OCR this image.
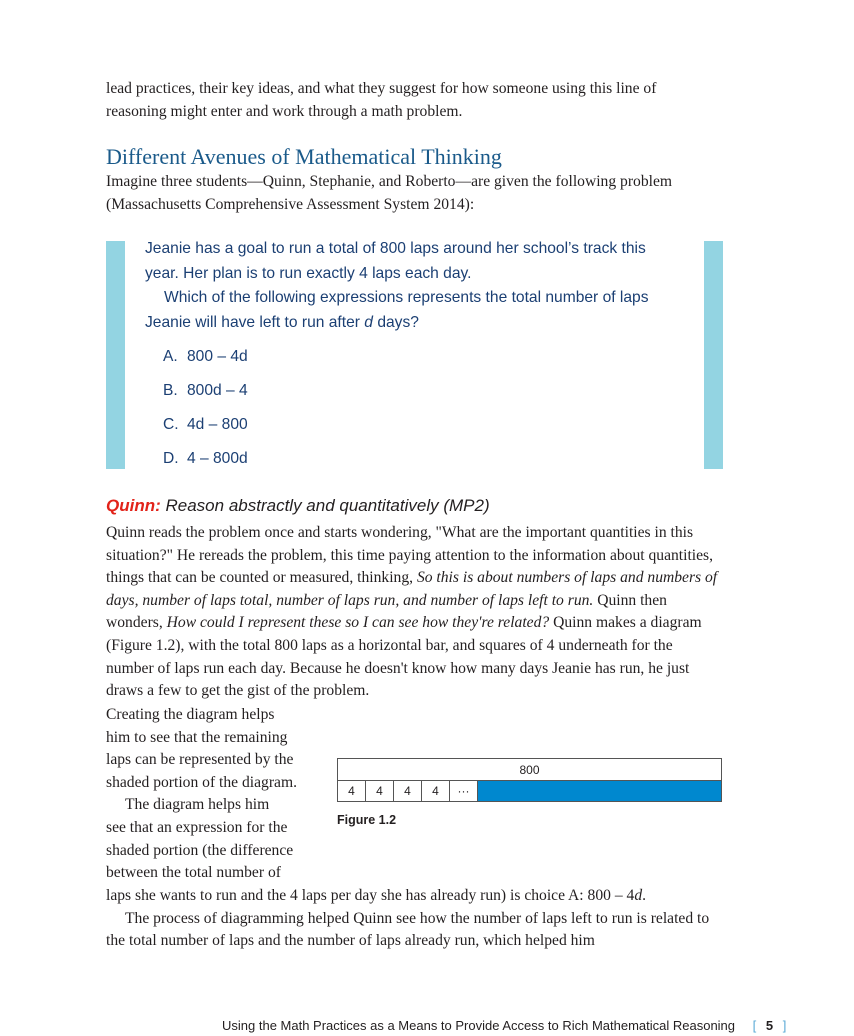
lead practices, their key ideas, and what they suggest for how someone using this line of reasoning might enter and work through a math problem.
Different Avenues of Mathematical Thinking
Imagine three students—Quinn, Stephanie, and Roberto—are given the following problem (Massachusetts Comprehensive Assessment System 2014):

Jeanie has a goal to run a total of 800 laps around her school’s track this year. Her plan is to run exactly 4 laps each day.

Which of the following expressions represents the total number of laps Jeanie will have left to run after d days?

A. 800 – 4d
B. 800d – 4
C. 4d – 800
D. 4 – 800d
Quinn: Reason abstractly and quantitatively (MP2)
Quinn reads the problem once and starts wondering, "What are the important quantities in this situation?" He rereads the problem, this time paying attention to the information about quantities, things that can be counted or measured, thinking, So this is about numbers of laps and numbers of days, number of laps total, number of laps run, and number of laps left to run. Quinn then wonders, How could I represent these so I can see how they're related? Quinn makes a diagram (Figure 1.2), with the total 800 laps as a horizontal bar, and squares of 4 underneath for the number of laps run each day. Because he doesn't know how many days Jeanie has run, he just draws a few to get the gist of the problem.

Creating the diagram helps

him to see that the remaining

laps can be represented by the

shaded portion of the diagram.

The diagram helps him

see that an expression for the

shaded portion (the difference

between the total number of

laps she wants to run and the 4 laps per day she has already run) is choice A: 800 – 4d.

The process of diagramming helped Quinn see how the number of laps left to run is related to the total number of laps and the number of laps already run, which helped him

800
4	4	4	4	···
Figure 1.2
Using the Math Practices as a Means to Provide Access to Rich Mathematical Reasoning [ 5 ]
